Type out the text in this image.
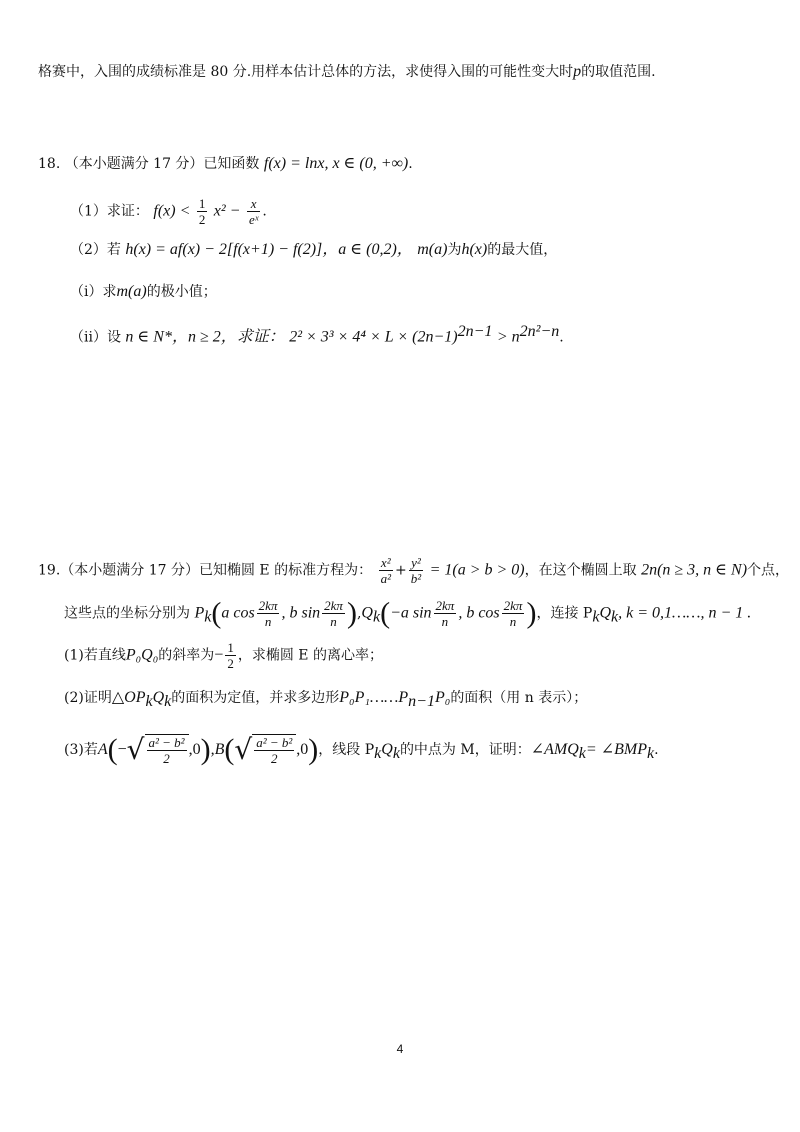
格赛中，入围的成绩标准是 80 分.用样本估计总体的方法，求使得入围的可能性变大时p的取值范围.
18. （本小题满分 17 分）已知函数 f(x) = lnx, x ∈ (0, +∞).
（1）求证： $f(x) < \frac{1}{2} x^2 - \frac{x}{\text{eˣ}}$ .
（2）若 h(x) = af(x) − 2[f(x+1) − f(2)]，a ∈ (0,2)， m(a)为h(x)的最大值，
（i）求m(a)的极小值；
（ii）设 n ∈ N*，n ≥ 2，求证： $2^2 \times 3^3 \times 4^4 \times L \times (2n-1)^{2n-1} > n^{2n^2-n}$.
19.（本小题满分 17 分）已知椭圆 E 的标准方程为： $\frac{\text{x²}}{\text{a²}} + \frac{\text{y²}}{\text{b²}} = 1(a > b > 0)$，在这个椭圆上取 2n(n ≥ 3, n ∈ N)个点，
这些点的坐标分别为 $P_k(a$ $\cos \frac{2k\pi}{n}$ , b $\sin \frac{2k\pi}{n} ),Q_k(-a$ $\sin \frac{2k\pi}{n}$ , b $\cos \frac{2k\pi}{n}$ )，连接 $P_kQ_k$, k = 0,1……, n − 1 .
(1)若直线P₀Q₀的斜率为− $\frac{1}{2}$ ，求椭圆 E 的离心率；
(2)证明$\triangle OP_kQ_k$的面积为定值，并求多边形$P_0P_1\dots\dots P_{n-1}P_0$的面积（用 n 表示）；
(3)若$A(-√ \frac{\text{a² − b²}}{2} ,0),B(√ \frac{\text{a² − b²}}{2} ,0)$，线段 $P_kQ_k$的中点为 M，证明：$\angle AMQ_k=$ $\angle BMP_k$.
4
